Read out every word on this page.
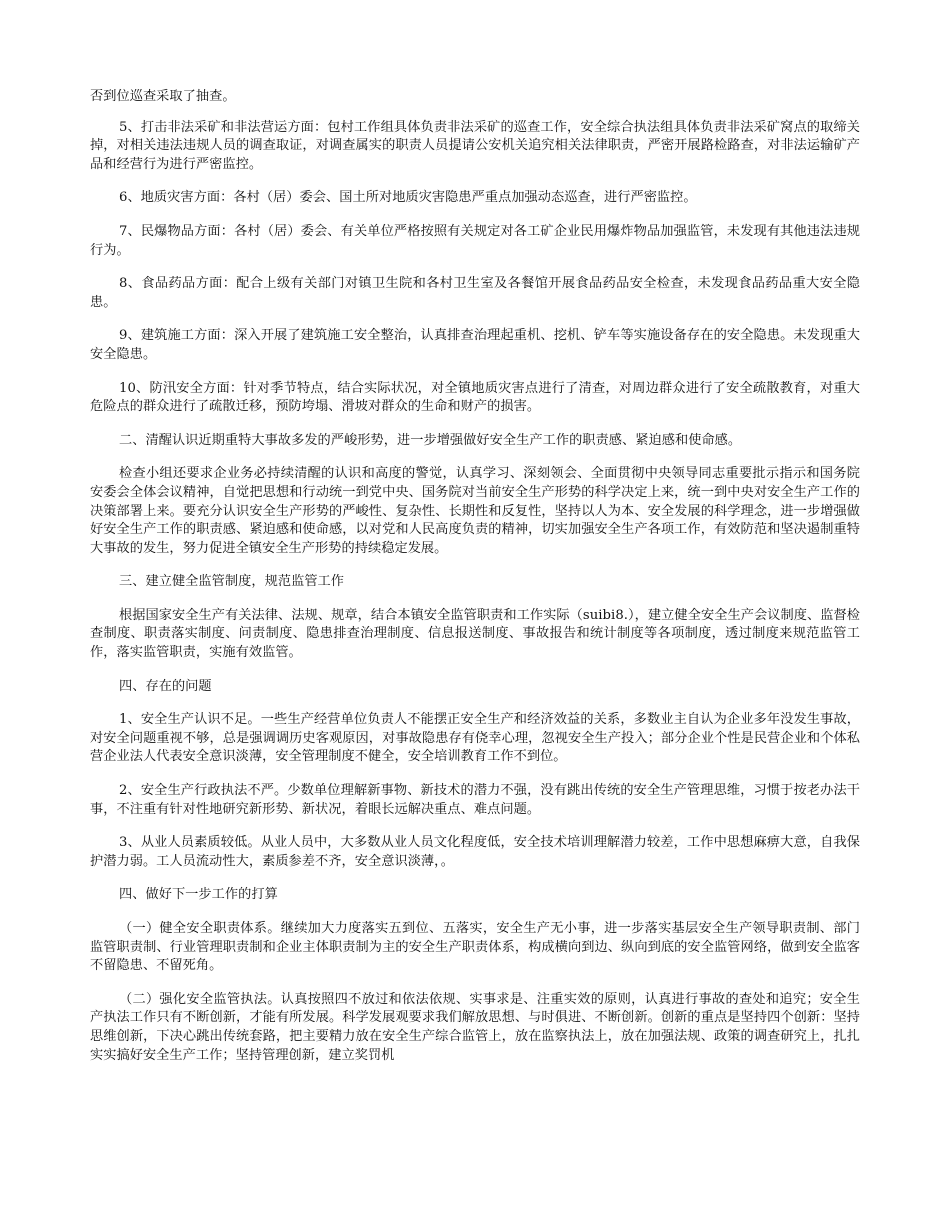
否到位巡查采取了抽查。

5、打击非法采矿和非法营运方面：包村工作组具体负责非法采矿的巡查工作，安全综合执法组具体负责非法采矿窝点的取缔关掉，对相关违法违规人员的调查取证，对调查属实的职责人员提请公安机关追究相关法律职责，严密开展路检路查，对非法运输矿产品和经营行为进行严密监控。

6、地质灾害方面：各村（居）委会、国土所对地质灾害隐患严重点加强动态巡查，进行严密监控。

7、民爆物品方面：各村（居）委会、有关单位严格按照有关规定对各工矿企业民用爆炸物品加强监管，未发现有其他违法违规行为。

8、食品药品方面：配合上级有关部门对镇卫生院和各村卫生室及各餐馆开展食品药品安全检查，未发现食品药品重大安全隐患。

9、建筑施工方面：深入开展了建筑施工安全整治，认真排查治理起重机、挖机、铲车等实施设备存在的安全隐患。未发现重大安全隐患。

10、防汛安全方面：针对季节特点，结合实际状况，对全镇地质灾害点进行了清查，对周边群众进行了安全疏散教育，对重大危险点的群众进行了疏散迁移，预防垮塌、滑坡对群众的生命和财产的损害。

二、清醒认识近期重特大事故多发的严峻形势，进一步增强做好安全生产工作的职责感、紧迫感和使命感。

检查小组还要求企业务必持续清醒的认识和高度的警觉，认真学习、深刻领会、全面贯彻中央领导同志重要批示指示和国务院安委会全体会议精神，自觉把思想和行动统一到党中央、国务院对当前安全生产形势的科学决定上来，统一到中央对安全生产工作的决策部署上来。要充分认识安全生产形势的严峻性、复杂性、长期性和反复性，坚持以人为本、安全发展的科学理念，进一步增强做好安全生产工作的职责感、紧迫感和使命感，以对党和人民高度负责的精神，切实加强安全生产各项工作，有效防范和坚决遏制重特大事故的发生，努力促进全镇安全生产形势的持续稳定发展。

三、建立健全监管制度，规范监管工作

根据国家安全生产有关法律、法规、规章，结合本镇安全监管职责和工作实际（suibi8.），建立健全安全生产会议制度、监督检查制度、职责落实制度、问责制度、隐患排查治理制度、信息报送制度、事故报告和统计制度等各项制度，透过制度来规范监管工作，落实监管职责，实施有效监管。

四、存在的问题

1、安全生产认识不足。一些生产经营单位负责人不能摆正安全生产和经济效益的关系，多数业主自认为企业多年没发生事故，对安全问题重视不够，总是强调调历史客观原因，对事故隐患存有侥幸心理，忽视安全生产投入；部分企业个性是民营企业和个体私营企业法人代表安全意识淡薄，安全管理制度不健全，安全培训教育工作不到位。

2、安全生产行政执法不严。少数单位理解新事物、新技术的潜力不强，没有跳出传统的安全生产管理思维，习惯于按老办法干事，不注重有针对性地研究新形势、新状况，着眼长远解决重点、难点问题。

3、从业人员素质较低。从业人员中，大多数从业人员文化程度低，安全技术培训理解潜力较差，工作中思想麻痹大意，自我保护潜力弱。工人员流动性大，素质参差不齐，安全意识淡薄，。

四、做好下一步工作的打算

（一）健全安全职责体系。继续加大力度落实五到位、五落实，安全生产无小事，进一步落实基层安全生产领导职责制、部门监管职责制、行业管理职责制和企业主体职责制为主的安全生产职责体系，构成横向到边、纵向到底的安全监管网络，做到安全监客不留隐患、不留死角。

（二）强化安全监管执法。认真按照四不放过和依法依规、实事求是、注重实效的原则，认真进行事故的查处和追究；安全生产执法工作只有不断创新，才能有所发展。科学发展观要求我们解放思想、与时俱进、不断创新。创新的重点是坚持四个创新：坚持思维创新，下决心跳出传统套路，把主要精力放在安全生产综合监管上，放在监察执法上，放在加强法规、政策的调查研究上，扎扎实实搞好安全生产工作；坚持管理创新，建立奖罚机
